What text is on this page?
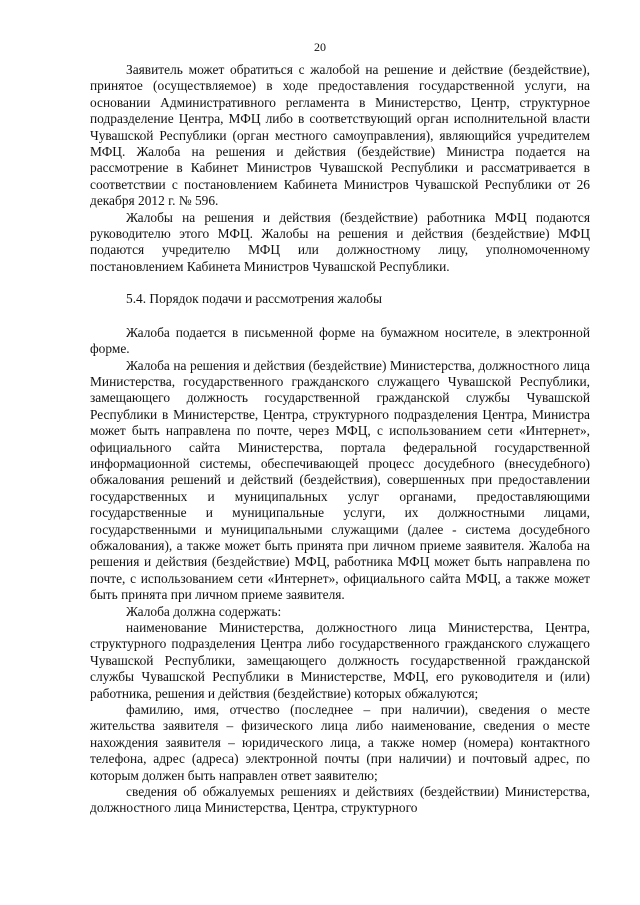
20

Заявитель может обратиться с жалобой на решение и действие (бездействие), принятое (осуществляемое) в ходе предоставления государственной услуги, на основании Административного регламента в Министерство, Центр, структурное подразделение Центра, МФЦ либо в соответствующий орган исполнительной власти Чувашской Республики (орган местного самоуправления), являющийся учредителем МФЦ. Жалоба на решения и действия (бездействие) Министра подается на рассмотрение в Кабинет Министров Чувашской Республики и рассматривается в соответствии с постановлением Кабинета Министров Чувашской Республики от 26 декабря 2012 г. № 596.

Жалобы на решения и действия (бездействие) работника МФЦ подаются руководителю этого МФЦ. Жалобы на решения и действия (бездействие) МФЦ подаются учредителю МФЦ или должностному лицу, уполномоченному постановлением Кабинета Министров Чувашской Республики.

5.4. Порядок подачи и рассмотрения жалобы

Жалоба подается в письменной форме на бумажном носителе, в электронной форме.

Жалоба на решения и действия (бездействие) Министерства, должностного лица Министерства, государственного гражданского служащего Чувашской Республики, замещающего должность государственной гражданской службы Чувашской Республики в Министерстве, Центра, структурного подразделения Центра, Министра может быть направлена по почте, через МФЦ, с использованием сети «Интернет», официального сайта Министерства, портала федеральной государственной информационной системы, обеспечивающей процесс досудебного (внесудебного) обжалования решений и действий (бездействия), совершенных при предоставлении государственных и муниципальных услуг органами, предоставляющими государственные и муниципальные услуги, их должностными лицами, государственными и муниципальными служащими (далее - система досудебного обжалования), а также может быть принята при личном приеме заявителя. Жалоба на решения и действия (бездействие) МФЦ, работника МФЦ может быть направлена по почте, с использованием сети «Интернет», официального сайта МФЦ, а также может быть принята при личном приеме заявителя.

Жалоба должна содержать:

наименование Министерства, должностного лица Министерства, Центра, структурного подразделения Центра либо государственного гражданского служащего Чувашской Республики, замещающего должность государственной гражданской службы Чувашской Республики в Министерстве, МФЦ, его руководителя и (или) работника, решения и действия (бездействие) которых обжалуются;

фамилию, имя, отчество (последнее – при наличии), сведения о месте жительства заявителя – физического лица либо наименование, сведения о месте нахождения заявителя – юридического лица, а также номер (номера) контактного телефона, адрес (адреса) электронной почты (при наличии) и почтовый адрес, по которым должен быть направлен ответ заявителю;

сведения об обжалуемых решениях и действиях (бездействии) Министерства, должностного лица Министерства, Центра, структурного
